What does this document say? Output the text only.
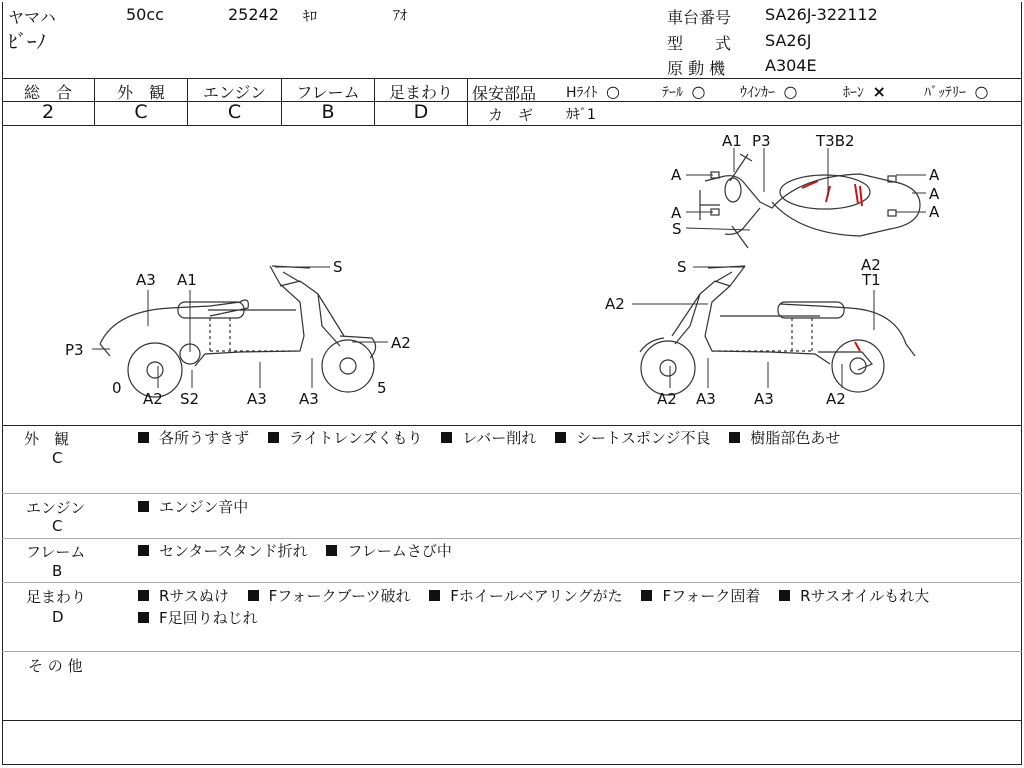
ヤマハ	50cc	25242 ｷﾛ	ｱｵ
ﾋﾞｰﾉ
車台番号 SA26J-322112
型　　式 SA26J
原 動 機 A304E
総　合
2
外　観
C
エンジン
C
フレーム
B
足まわり
D
保安部品 Hﾗｲﾄ ○	ﾃｰﾙ ○ ｳｲﾝｶｰ ○	ﾎｰﾝ ×	ﾊﾞｯﾃﾘｰ ○
カ　ギ ｶｷﾞ1
A1 P3	T3B2
A
A
A
A
A
S
S
A3 A1
P3	A2
0
A2 S2	A3 A3
5
S
A2
A2
T1
A2 A3	A3	A2
外　観
C
各所うすきず	ライトレンズくもり	レバー削れ	シートスポンジ不良	樹脂部色あせ
エンジン
C
エンジン音中
フレーム
B
センタースタンド折れ	フレームさび中
足まわり
D
Rサスぬけ	Fフォークブーツ破れ	Fホイールベアリングがた	Fフォーク固着	Rサスオイルもれ大
F足回りねじれ
そ の 他
